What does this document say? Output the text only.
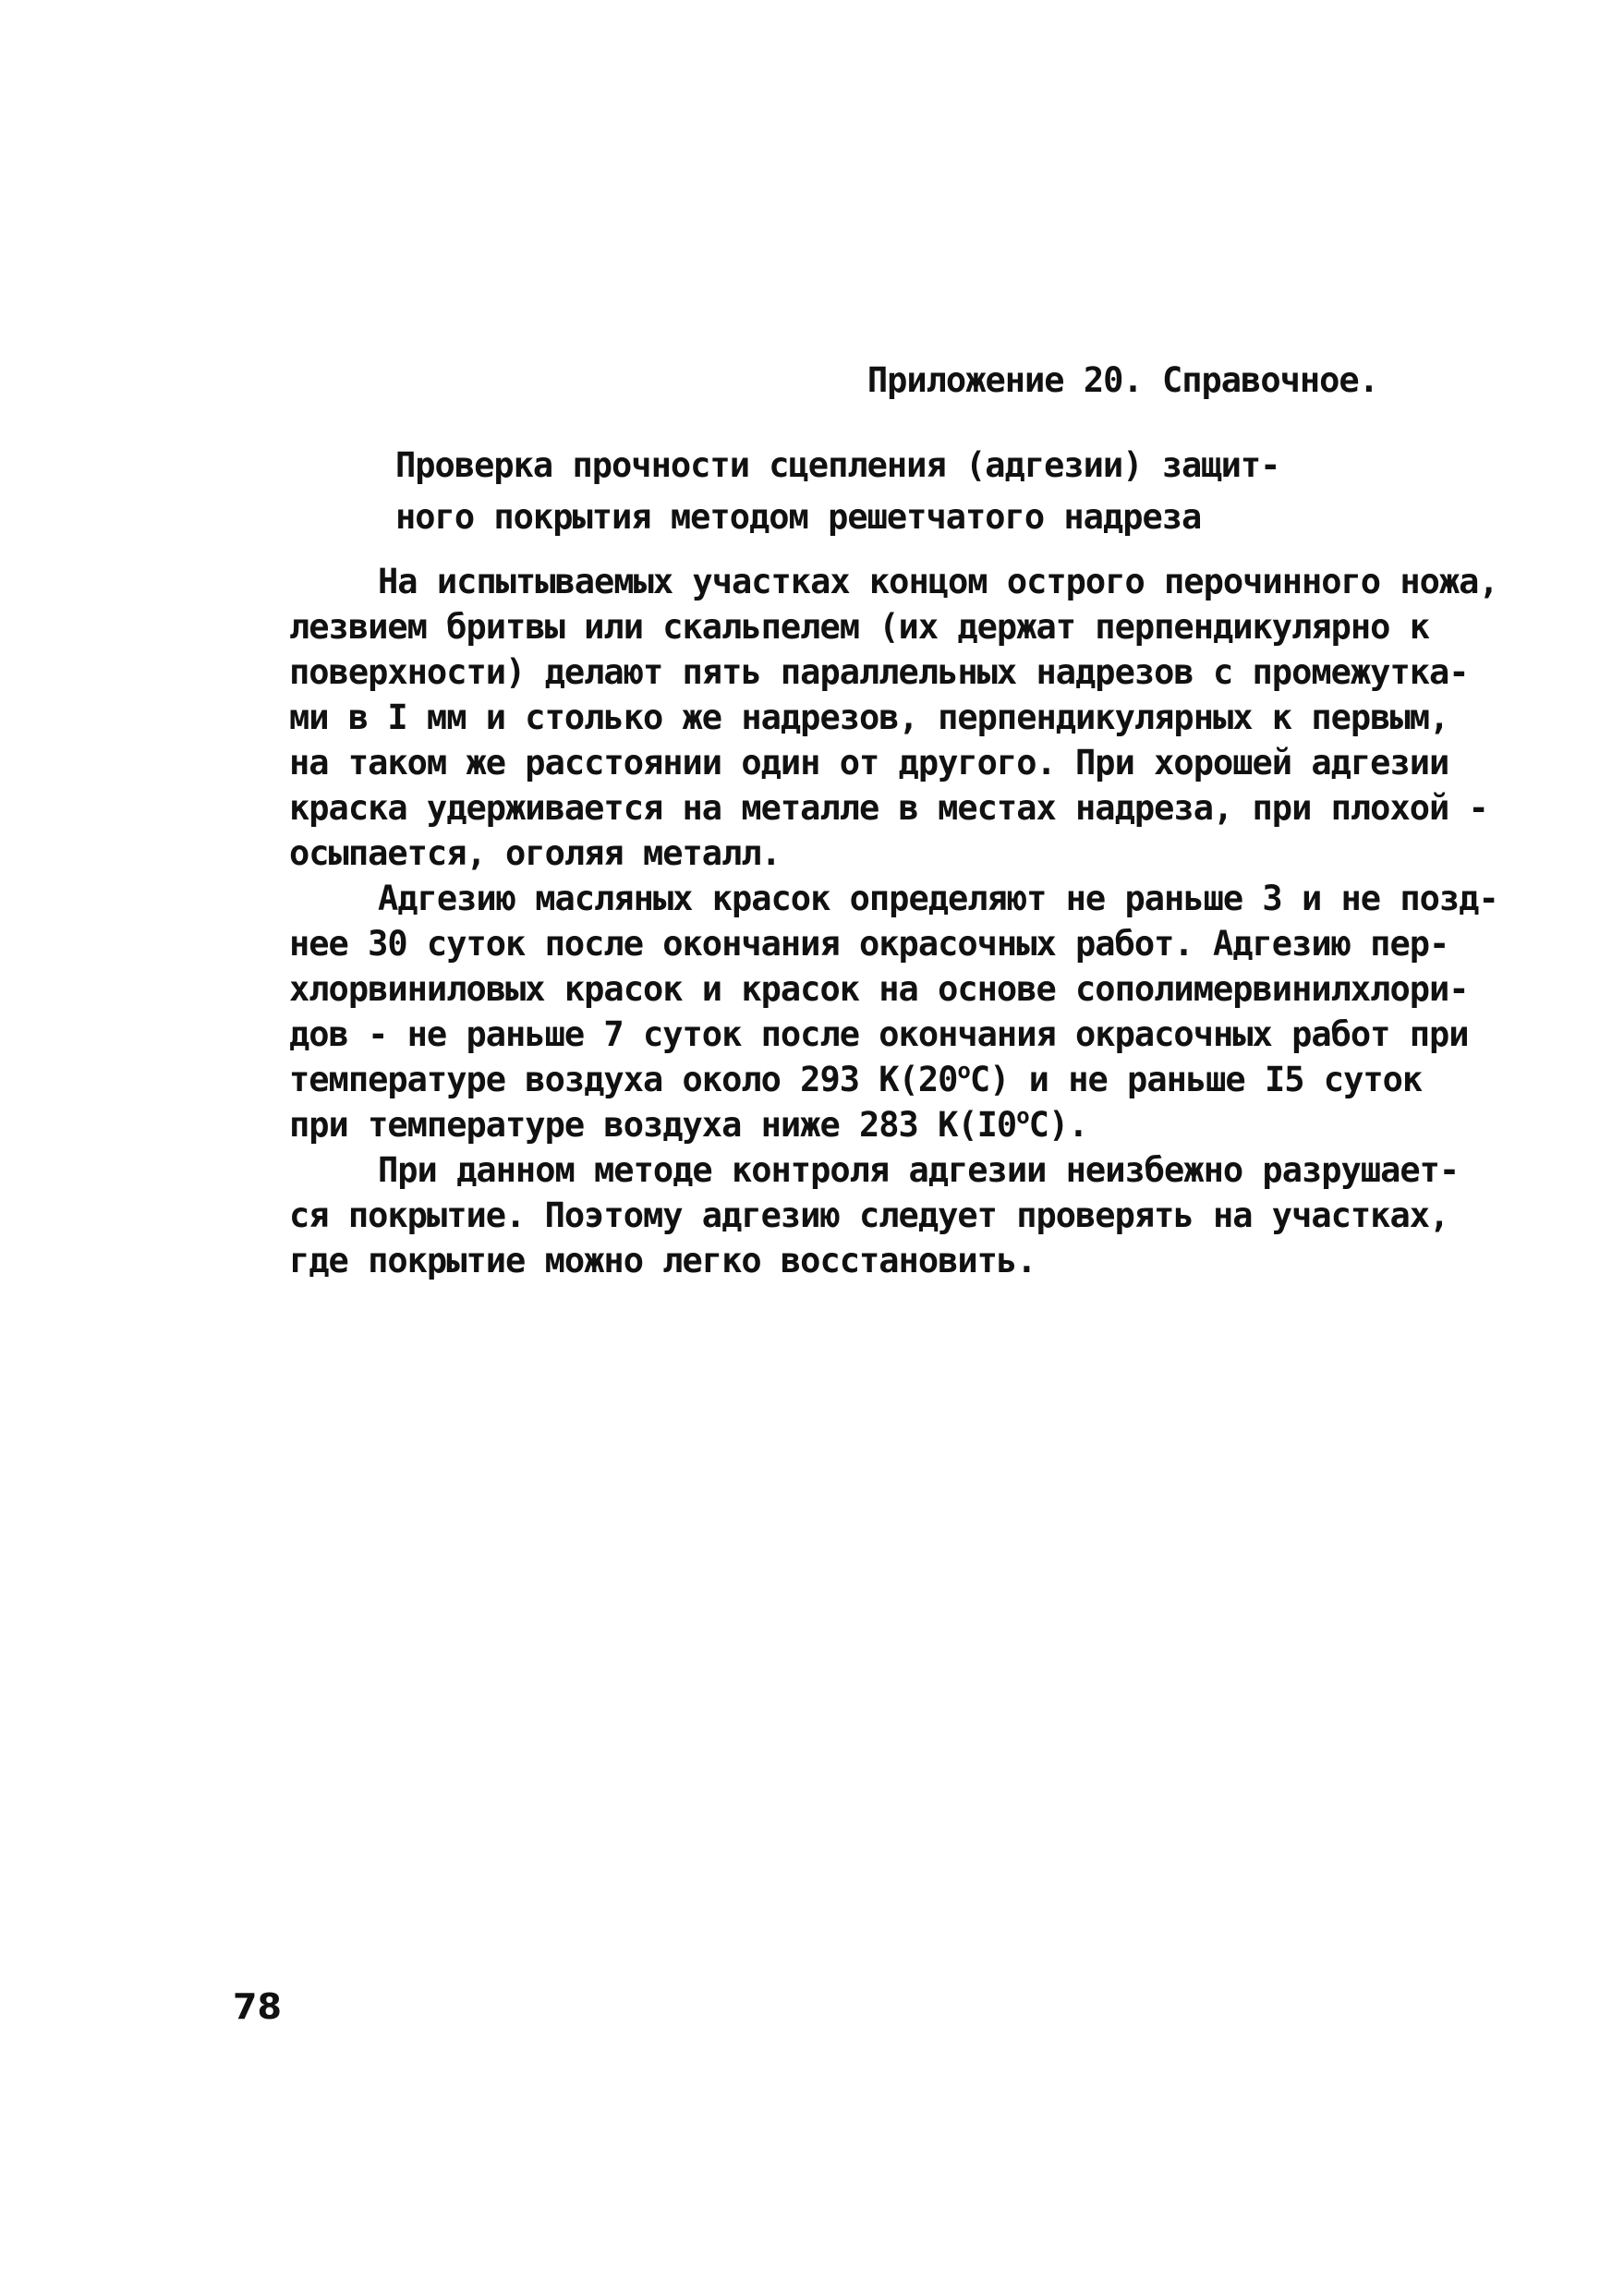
Приложение 20. Справочное.
Проверка прочности сцепления (адгезии) защит-
ного покрытия методом решетчатого надреза

На испытываемых участках концом острого перочинного ножа,
лезвием бритвы или скальпелем (их держат перпендикулярно к
поверхности) делают пять параллельных надрезов с промежутка-
ми в I мм и столько же надрезов, перпендикулярных к первым,
на таком же расстоянии один от другого. При хорошей адгезии
краска удерживается на металле в местах надреза, при плохой -
осыпается, оголяя металл.

Адгезию масляных красок определяют не раньше 3 и не позд-
нее 30 суток после окончания окрасочных работ. Адгезию пер-
хлорвиниловых красок и красок на основе сополимервинилхлори-
дов - не раньше 7 суток после окончания окрасочных работ при
температуре воздуха около 293 $К(20^оС)$ и не раньше I5 суток
при температуре воздуха ниже 283 $К(I0^оС)$.

При данном методе контроля адгезии неизбежно разрушает-
ся покрытие. Поэтому адгезию следует проверять на участках,
где покрытие можно легко восстановить.

78
